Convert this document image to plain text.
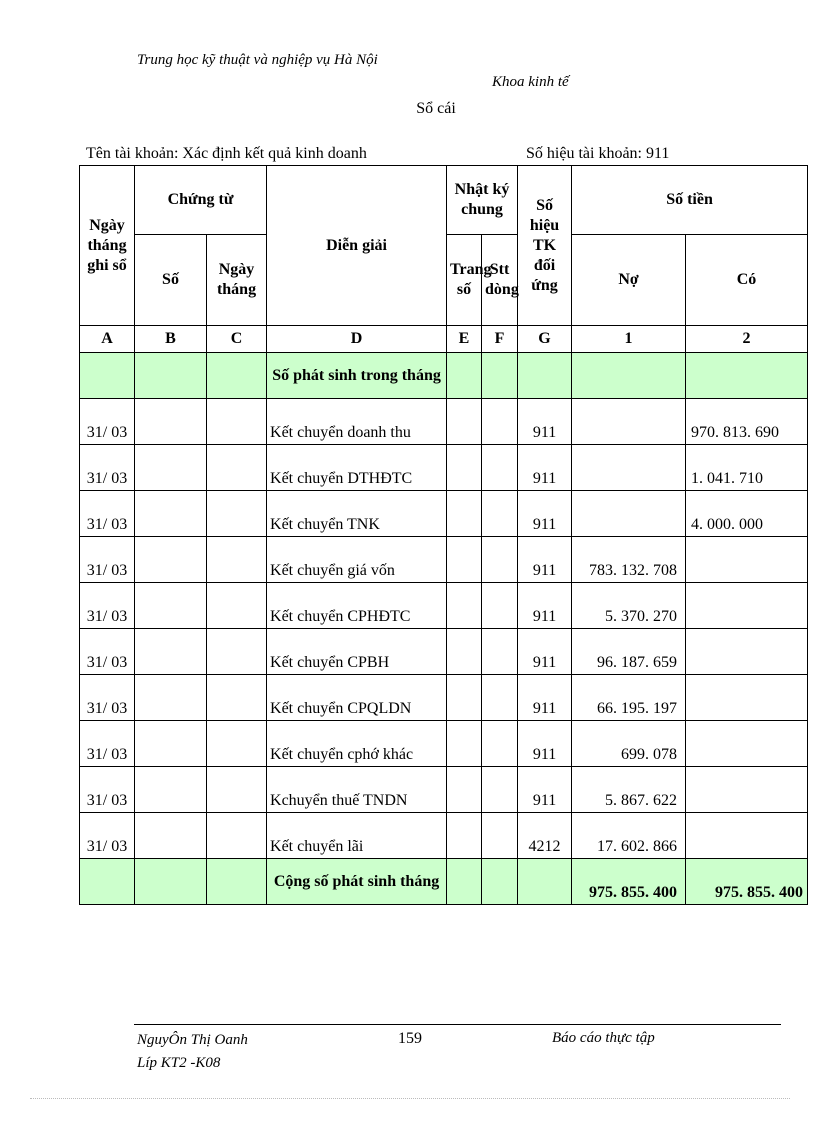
Trung học kỹ thuật và nghiệp vụ Hà Nội
Khoa kinh tế
Sổ cái
Tên tài khoản: Xác định kết quả kinh doanh	Số hiệu tài khoản: 911
Ngày tháng ghi sổ	Chứng từ		Diễn giải	Nhật ký chung		Số hiệu TK đối ứng	Số tiền	
	Số	Ngày tháng		Trang số	Stt dòng		Nợ	Có
A	B	C	D	E	F	G	1	2
			Số phát sinh trong tháng					
31/ 03			Kết chuyển doanh thu			911		970. 813. 690
31/ 03			Kết chuyển DTHĐTC			911		1. 041. 710
31/ 03			Kết chuyển TNK			911		4. 000. 000
31/ 03			Kết chuyển giá vốn			911	783. 132. 708	
31/ 03			Kết chuyển CPHĐTC			911	5. 370. 270	
31/ 03			Kết chuyển CPBH			911	96. 187. 659	
31/ 03			Kết chuyển CPQLDN			911	66. 195. 197	
31/ 03			Kết chuyển cphớ khác			911	699. 078	
31/ 03			Kchuyển thuế TNDN			911	5. 867. 622	
31/ 03			Kết chuyển lãi			4212	17. 602. 866	
			Cộng số phát sinh tháng				975. 855. 400	975. 855. 400
NguyÔn Thị Oanh
Líp KT2 -K08
159	Báo cáo thực tập
